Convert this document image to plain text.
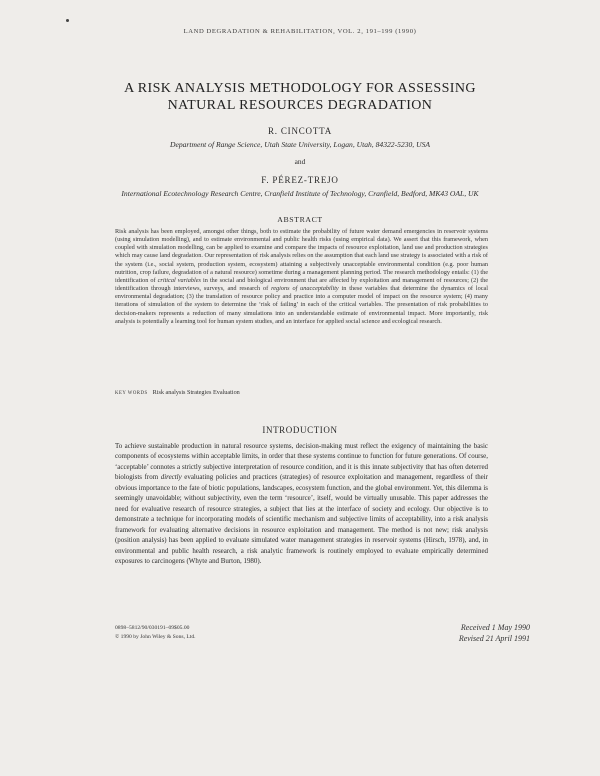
LAND DEGRADATION & REHABILITATION, VOL. 2, 191–199 (1990)
A RISK ANALYSIS METHODOLOGY FOR ASSESSING
NATURAL RESOURCES DEGRADATION
R. CINCOTTA
Department of Range Science, Utah State University, Logan, Utah, 84322-5230, USA
and
F. PÉREZ-TREJO
International Ecotechnology Research Centre, Cranfield Institute of Technology, Cranfield, Bedford, MK43 OAL, UK
ABSTRACT
Risk analysis has been employed, amongst other things, both to estimate the probability of future water demand emergencies in reservoir systems (using simulation modelling), and to estimate environmental and public health risks (using empirical data). We assert that this framework, when coupled with simulation modelling, can be applied to examine and compare the impacts of resource exploitation, land use and production strategies which may cause land degradation. Our representation of risk analysis relies on the assumption that each land use strategy is associated with a risk of the system (i.e., social system, production system, ecosystem) attaining a subjectively unacceptable environmental condition (e.g. poor human nutrition, crop failure, degradation of a natural resource) sometime during a management planning period. The research methodology entails: (1) the identification of critical variables in the social and biological environment that are affected by exploitation and management of resources; (2) the identification through interviews, surveys, and research of regions of unacceptability in these variables that determine the dynamics of local environmental degradation; (3) the translation of resource policy and practice into a computer model of impact on the resource system; (4) many iterations of simulation of the system to determine the ‘risk of failing’ in each of the critical variables. The presentation of risk probabilities to decision-makers represents a reduction of many simulations into an understandable estimate of environmental impact. More importantly, risk analysis is potentially a learning tool for human system studies, and an interface for applied social science and ecological research.
KEY WORDS Risk analysis Strategies Evaluation
INTRODUCTION
To achieve sustainable production in natural resource systems, decision-making must reflect the exigency of maintaining the basic components of ecosystems within acceptable limits, in order that these systems continue to function for future generations. Of course, ‘acceptable’ connotes a strictly subjective interpretation of resource condition, and it is this innate subjectivity that has often deterred biologists from directly evaluating policies and practices (strategies) of resource exploitation and management, regardless of their obvious importance to the fate of biotic populations, landscapes, ecosystem function, and the global environment. Yet, this dilemma is seemingly unavoidable; without subjectivity, even the term ‘resource’, itself, would be virtually unusable. This paper addresses the need for evaluative research of resource strategies, a subject that lies at the interface of society and ecology. Our objective is to demonstrate a technique for incorporating models of scientific mechanism and subjective limits of acceptability, into a risk analysis framework for evaluating alternative decisions in resource exploitation and management. The method is not new; risk analysis (position analysis) has been applied to evaluate simulated water management strategies in reservoir systems (Hirsch, 1978), and, in environmental and public health research, a risk analytic framework is routinely employed to evaluate empirically determined exposures to carcinogens (Whyte and Burton, 1980).
0898–5812/90/030191–09$05.00
© 1990 by John Wiley & Sons, Ltd.
Received 1 May 1990
Revised 21 April 1991
